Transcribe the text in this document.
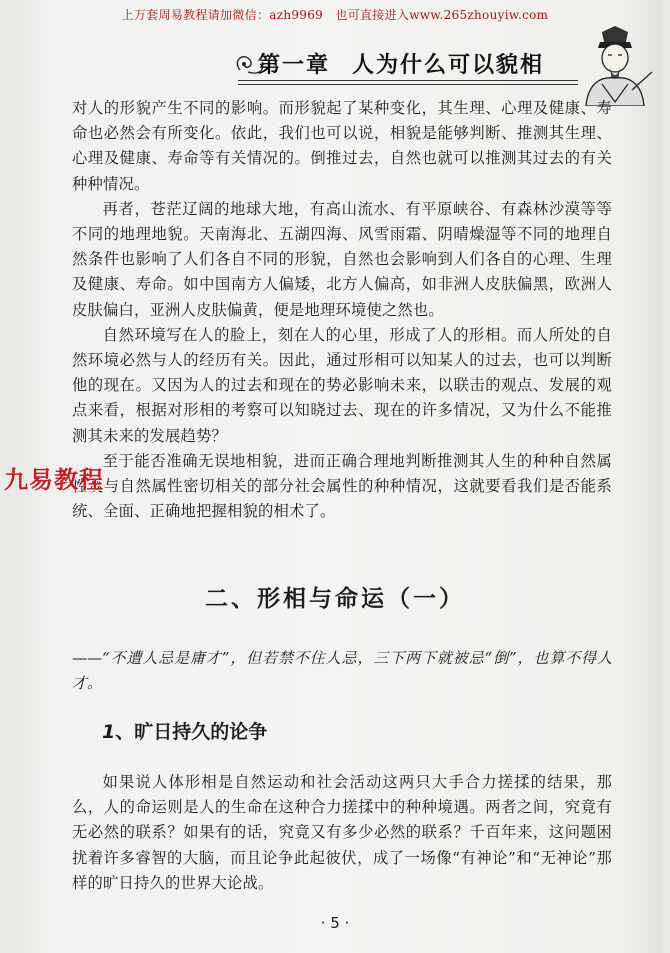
上万套周易教程请加微信：azh9969　也可直接进入www.265zhouyiw.com
第一章 人为什么可以貌相

对人的形貌产生不同的影响。而形貌起了某种变化，其生理、心理及健康、寿命也必然会有所变化。依此，我们也可以说，相貌是能够判断、推测其生理、心理及健康、寿命等有关情况的。倒推过去，自然也就可以推测其过去的有关种种情况。

再者，苍茫辽阔的地球大地，有高山流水、有平原峡谷、有森林沙漠等等不同的地理地貌。天南海北、五湖四海、风雪雨霜、阴晴燥湿等不同的地理自然条件也影响了人们各自不同的形貌，自然也会影响到人们各自的心理、生理及健康、寿命。如中国南方人偏矮，北方人偏高，如非洲人皮肤偏黑，欧洲人皮肤偏白，亚洲人皮肤偏黄，便是地理环境使之然也。

自然环境写在人的脸上，刻在人的心里，形成了人的形相。而人所处的自然环境必然与人的经历有关。因此，通过形相可以知某人的过去，也可以判断他的现在。又因为人的过去和现在的势必影响未来，以联击的观点、发展的观点来看，根据对形相的考察可以知晓过去、现在的许多情况，又为什么不能推测其未来的发展趋势？

至于能否准确无误地相貌，进而正确合理地判断推测其人生的种种自然属性及与自然属性密切相关的部分社会属性的种种情况，这就要看我们是否能系统、全面、正确地把握相貌的相术了。

九易教程
二、形相与命运（一）
——“不遭人忌是庸才”，但若禁不住人忌，三下两下就被忌“倒”，也算不得人才。
1、旷日持久的论争

如果说人体形相是自然运动和社会活动这两只大手合力搓揉的结果，那么，人的命运则是人的生命在这种合力搓揉中的种种境遇。两者之间，究竟有无必然的联系？如果有的话，究竟又有多少必然的联系？千百年来，这问题困扰着许多睿智的大脑，而且论争此起彼伏，成了一场像“有神论”和“无神论”那样的旷日持久的世界大论战。

· 5 ·
